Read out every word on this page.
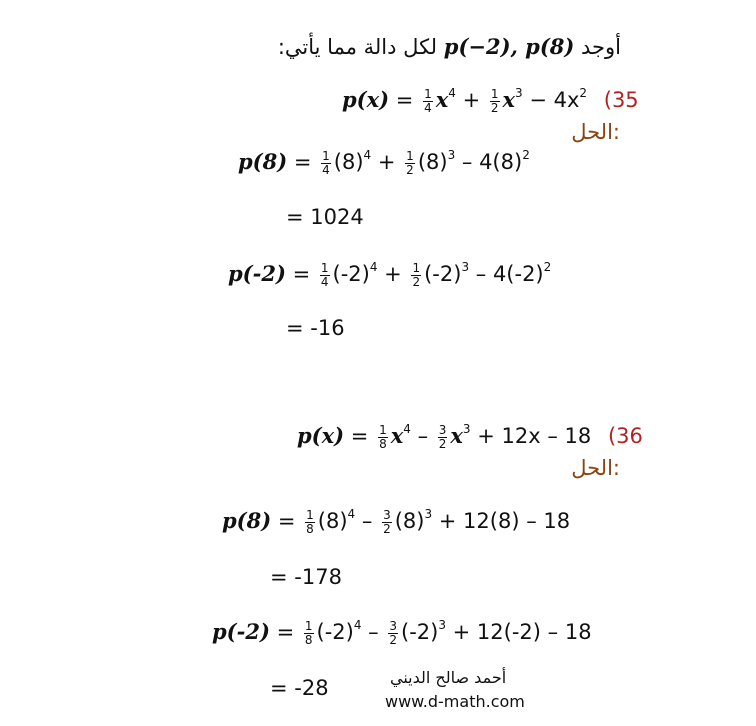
أوجد p(−2), p(8) لكل دالة مما يأتي:
$p(x) = \frac{1}{4} x^4 + \frac{1}{2} x^3 - 4x^2$ (35
الحل:
$p(8) = \frac{1}{4} (8)^4 + \frac{1}{2} (8)^3 - 4(8)^2$
= 1024
$p(-2) = \frac{1}{4} (-2)^4 + \frac{1}{2} (-2)^3 - 4(-2)^2$
= -16
$p(x) = \frac{1}{8} x^4 - \frac{3}{2} x^3 + 12x - 18$ (36
الحل:
$p(8) = \frac{1}{8} (8)^4 - \frac{3}{2} (8)^3 + 12(8) - 18$
= -178
$p(-2) = \frac{1}{8} (-2)^4 - \frac{3}{2} (-2)^3 + 12(-2) - 18$
= -28	أحمد صالح الديني
www.d-math.com
